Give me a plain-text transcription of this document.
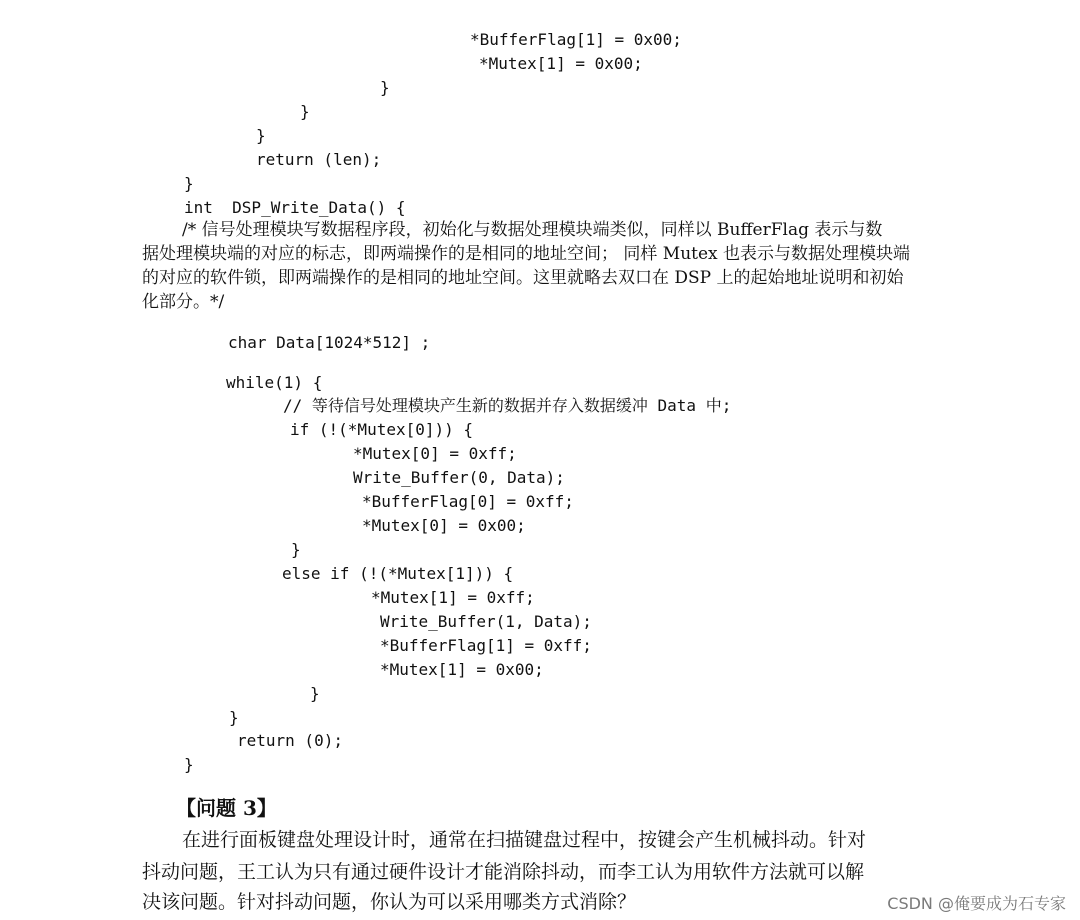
*BufferFlag[1] = 0x00;
*Mutex[1] = 0x00;
}
}
}
return (len);
}
int  DSP_Write_Data() {
/* 信号处理模块写数据程序段，初始化与数据处理模块端类似，同样以 BufferFlag 表示与数
据处理模块端的对应的标志，即两端操作的是相同的地址空间； 同样 Mutex 也表示与数据处理模块端
的对应的软件锁，即两端操作的是相同的地址空间。这里就略去双口在 DSP 上的起始地址说明和初始
化部分。*/
char Data[1024*512] ;
while(1) {
// 等待信号处理模块产生新的数据并存入数据缓冲 Data 中;
if (!(*Mutex[0])) {
*Mutex[0] = 0xff;
Write_Buffer(0, Data);
*BufferFlag[0] = 0xff;
*Mutex[0] = 0x00;
}
else if (!(*Mutex[1])) {
*Mutex[1] = 0xff;
Write_Buffer(1, Data);
*BufferFlag[1] = 0xff;
*Mutex[1] = 0x00;
}
}
return (0);
}
【问题 3】
在进行面板键盘处理设计时，通常在扫描键盘过程中，按键会产生机械抖动。针对
抖动问题，王工认为只有通过硬件设计才能消除抖动，而李工认为用软件方法就可以解
决该问题。针对抖动问题，你认为可以采用哪类方式消除？	CSDN @俺要成为石专家
